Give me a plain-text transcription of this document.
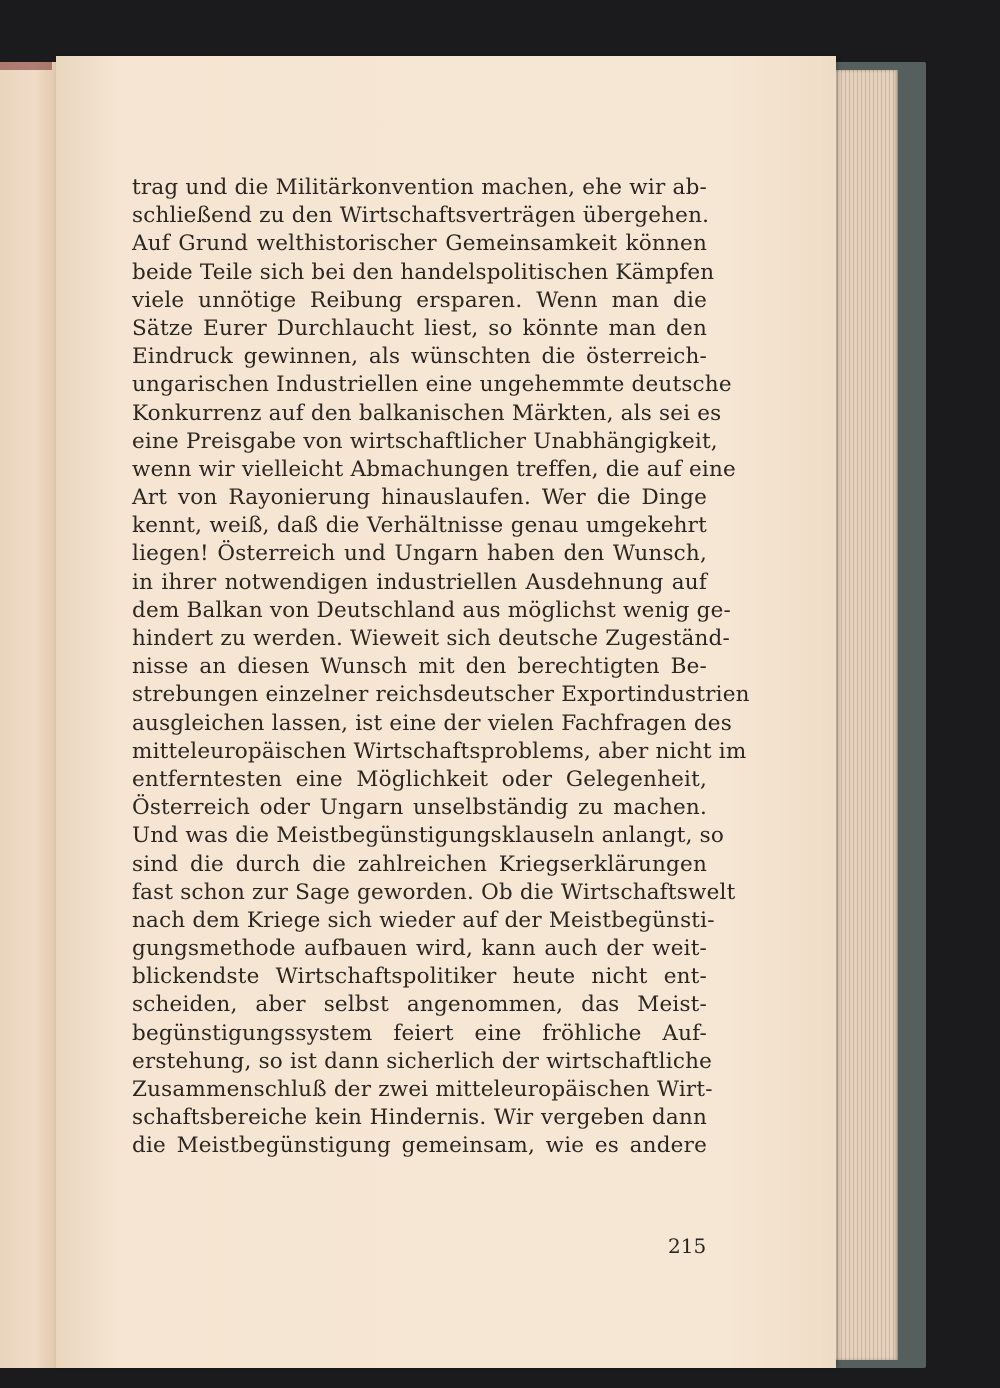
trag und die Militärkonvention machen, ehe wir ab-
schließend zu den Wirtschaftsverträgen übergehen.
Auf Grund welthistorischer Gemeinsamkeit können
beide Teile sich bei den handelspolitischen Kämpfen
viele unnötige Reibung ersparen. Wenn man die
Sätze Eurer Durchlaucht liest, so könnte man den
Eindruck gewinnen, als wünschten die österreich-
ungarischen Industriellen eine ungehemmte deutsche
Konkurrenz auf den balkanischen Märkten, als sei es
eine Preisgabe von wirtschaftlicher Unabhängigkeit,
wenn wir vielleicht Abmachungen treffen, die auf eine
Art von Rayonierung hinauslaufen. Wer die Dinge
kennt, weiß, daß die Verhältnisse genau umgekehrt
liegen! Österreich und Ungarn haben den Wunsch,
in ihrer notwendigen industriellen Ausdehnung auf
dem Balkan von Deutschland aus möglichst wenig ge-
hindert zu werden. Wieweit sich deutsche Zugeständ-
nisse an diesen Wunsch mit den berechtigten Be-
strebungen einzelner reichsdeutscher Exportindustrien
ausgleichen lassen, ist eine der vielen Fachfragen des
mitteleuropäischen Wirtschaftsproblems, aber nicht im
entferntesten eine Möglichkeit oder Gelegenheit,
Österreich oder Ungarn unselbständig zu machen.
Und was die Meistbegünstigungsklauseln anlangt, so
sind die durch die zahlreichen Kriegserklärungen
fast schon zur Sage geworden. Ob die Wirtschaftswelt
nach dem Kriege sich wieder auf der Meistbegünsti-
gungsmethode aufbauen wird, kann auch der weit-
blickendste Wirtschaftspolitiker heute nicht ent-
scheiden, aber selbst angenommen, das Meist-
begünstigungssystem feiert eine fröhliche Auf-
erstehung, so ist dann sicherlich der wirtschaftliche
Zusammenschluß der zwei mitteleuropäischen Wirt-
schaftsbereiche kein Hindernis. Wir vergeben dann
die Meistbegünstigung gemeinsam, wie es andere
215
